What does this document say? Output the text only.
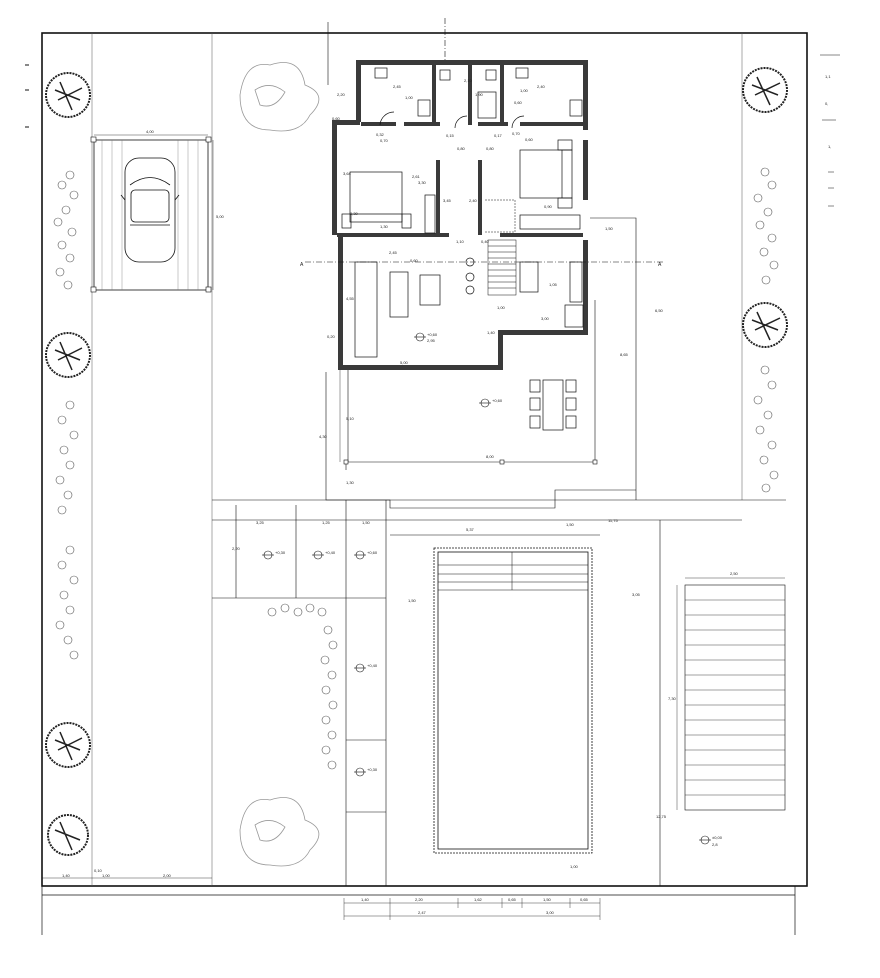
1,1
0,
1,
4,00
5,00
A	A
2,20
2,45
1,00
0,60
2,10
1,90
2,40
1,00
0,60
0,32	0,15	0,17	0,70
0,80
0,70	0,60
0,80
0,90
3,64
3,30
2,61
1,30
3,45	2,40
0,30
1,10	0,40
2,45
0,60
1,05
1,00
3,00
1,40
4,55
0,20
5,00
1,50
6,50
8,65
+0,60
2,95
5,10
4,30
1,30
8,00
+0,60
3,25	1,25	1,50
5,37
1,50
11,75
2,20
1,50
3,05
1,00
2,50
7,30
12,75
+0,30	+0,40	+0,60
+0,40
+0,30
±0,00
2,8
1,40
0,10
1,00	2,00
1,40	2,20	1,62	0,65	1,50	0,65
2,47	3,00
